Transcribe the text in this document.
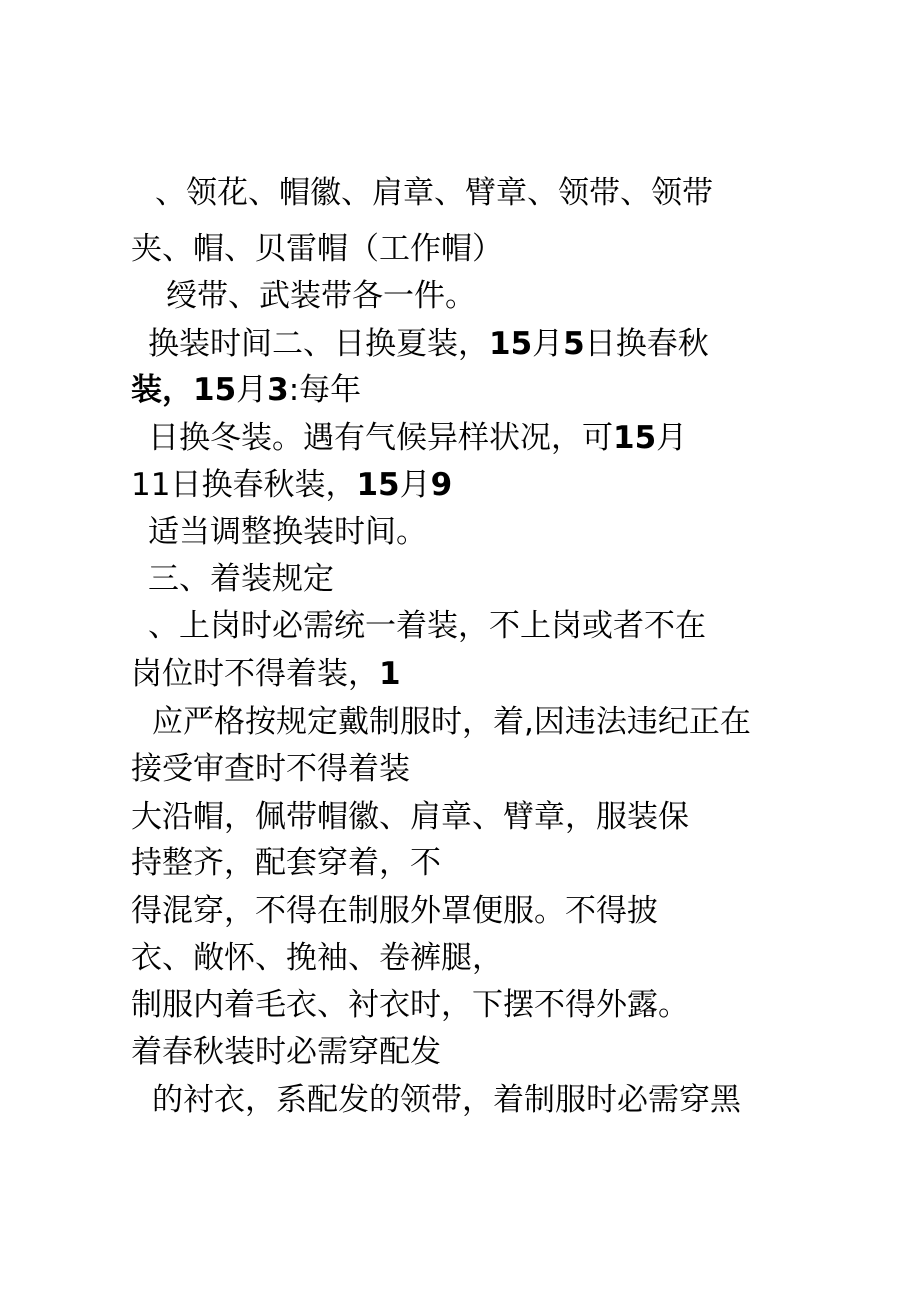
、领花、帽徽、肩章、臂章、领带、领带
夹、帽、贝雷帽（工作帽）
绶带、武装带各一件。
换装时间二、日换夏装，15月5日换春秋
装，15月3:每年
日换冬装。遇有气候异样状况，可15月
11日换春秋装，15月9
适当调整换装时间。
三、着装规定
、上岗时必需统一着装，不上岗或者不在
岗位时不得着装，1
应严格按规定戴制服时，着,因违法违纪正在
接受审查时不得着装
大沿帽，佩带帽徽、肩章、臂章，服装保
持整齐，配套穿着，不
得混穿，不得在制服外罩便服。不得披
衣、敞怀、挽袖、卷裤腿，
制服内着毛衣、衬衣时，下摆不得外露。
着春秋装时必需穿配发
的衬衣，系配发的领带，着制服时必需穿黑
